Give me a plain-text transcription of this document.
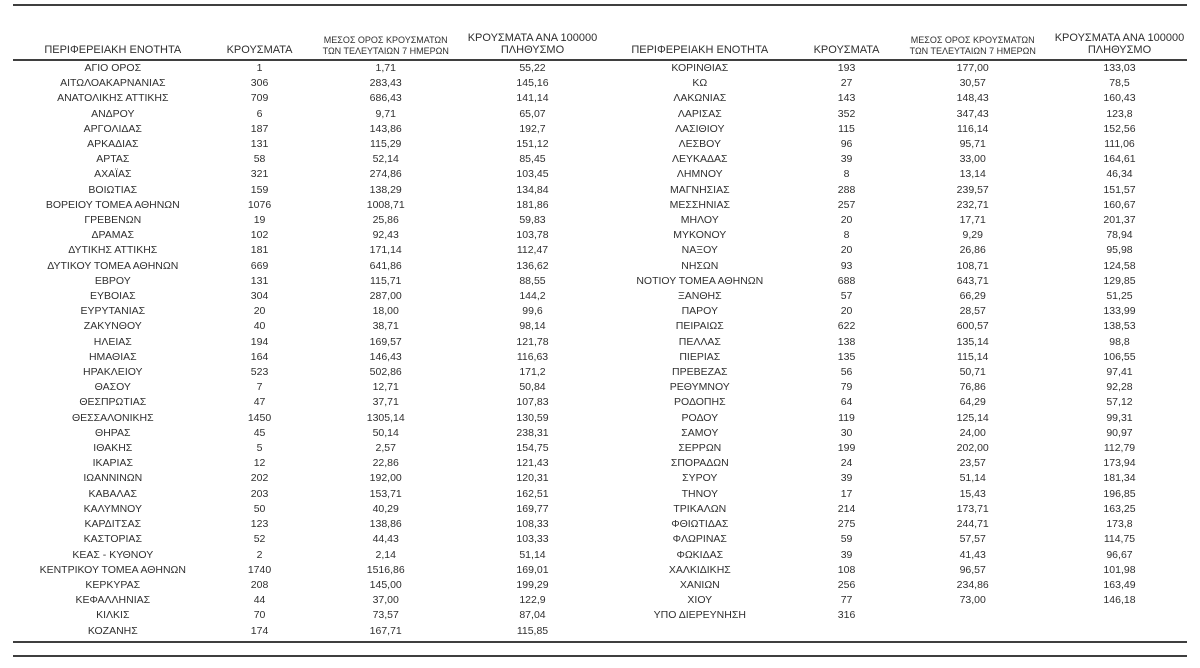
ΠΕΡΙΦΕΡΕΙΑΚΗ ΕΝΟΤΗΤΑ	ΚΡΟΥΣΜΑΤΑ	ΜΕΣΟΣ ΟΡΟΣ ΚΡΟΥΣΜΑΤΩΝ
ΤΩΝ ΤΕΛΕΥΤΑΙΩΝ 7 ΗΜΕΡΩΝ	ΚΡΟΥΣΜΑΤΑ ΑΝΑ 100000
ΠΛΗΘΥΣΜΟ

ΑΓΙΟ ΟΡΟΣ	1	1,71	55,22
ΑΙΤΩΛΟΑΚΑΡΝΑΝΙΑΣ	306	283,43	145,16
ΑΝΑΤΟΛΙΚΗΣ ΑΤΤΙΚΗΣ	709	686,43	141,14
ΑΝΔΡΟΥ	6	9,71	65,07
ΑΡΓΟΛΙΔΑΣ	187	143,86	192,7
ΑΡΚΑΔΙΑΣ	131	115,29	151,12
ΑΡΤΑΣ	58	52,14	85,45
ΑΧΑΪΑΣ	321	274,86	103,45
ΒΟΙΩΤΙΑΣ	159	138,29	134,84
ΒΟΡΕΙΟΥ ΤΟΜΕΑ ΑΘΗΝΩΝ	1076	1008,71	181,86
ΓΡΕΒΕΝΩΝ	19	25,86	59,83
ΔΡΑΜΑΣ	102	92,43	103,78
ΔΥΤΙΚΗΣ ΑΤΤΙΚΗΣ	181	171,14	112,47
ΔΥΤΙΚΟΥ ΤΟΜΕΑ ΑΘΗΝΩΝ	669	641,86	136,62
ΕΒΡΟΥ	131	115,71	88,55
ΕΥΒΟΙΑΣ	304	287,00	144,2
ΕΥΡΥΤΑΝΙΑΣ	20	18,00	99,6
ΖΑΚΥΝΘΟΥ	40	38,71	98,14
ΗΛΕΙΑΣ	194	169,57	121,78
ΗΜΑΘΙΑΣ	164	146,43	116,63
ΗΡΑΚΛΕΙΟΥ	523	502,86	171,2
ΘΑΣΟΥ	7	12,71	50,84
ΘΕΣΠΡΩΤΙΑΣ	47	37,71	107,83
ΘΕΣΣΑΛΟΝΙΚΗΣ	1450	1305,14	130,59
ΘΗΡΑΣ	45	50,14	238,31
ΙΘΑΚΗΣ	5	2,57	154,75
ΙΚΑΡΙΑΣ	12	22,86	121,43
ΙΩΑΝΝΙΝΩΝ	202	192,00	120,31
ΚΑΒΑΛΑΣ	203	153,71	162,51
ΚΑΛΥΜΝΟΥ	50	40,29	169,77
ΚΑΡΔΙΤΣΑΣ	123	138,86	108,33
ΚΑΣΤΟΡΙΑΣ	52	44,43	103,33
ΚΕΑΣ - ΚΥΘΝΟΥ	2	2,14	51,14
ΚΕΝΤΡΙΚΟΥ ΤΟΜΕΑ ΑΘΗΝΩΝ	1740	1516,86	169,01
ΚΕΡΚΥΡΑΣ	208	145,00	199,29
ΚΕΦΑΛΛΗΝΙΑΣ	44	37,00	122,9
ΚΙΛΚΙΣ	70	73,57	87,04
ΚΟΖΑΝΗΣ	174	167,71	115,85
ΠΕΡΙΦΕΡΕΙΑΚΗ ΕΝΟΤΗΤΑ	ΚΡΟΥΣΜΑΤΑ	ΜΕΣΟΣ ΟΡΟΣ ΚΡΟΥΣΜΑΤΩΝ
ΤΩΝ ΤΕΛΕΥΤΑΙΩΝ 7 ΗΜΕΡΩΝ	ΚΡΟΥΣΜΑΤΑ ΑΝΑ 100000
ΠΛΗΘΥΣΜΟ

ΚΟΡΙΝΘΙΑΣ	193	177,00	133,03
ΚΩ	27	30,57	78,5
ΛΑΚΩΝΙΑΣ	143	148,43	160,43
ΛΑΡΙΣΑΣ	352	347,43	123,8
ΛΑΣΙΘΙΟΥ	115	116,14	152,56
ΛΕΣΒΟΥ	96	95,71	111,06
ΛΕΥΚΑΔΑΣ	39	33,00	164,61
ΛΗΜΝΟΥ	8	13,14	46,34
ΜΑΓΝΗΣΙΑΣ	288	239,57	151,57
ΜΕΣΣΗΝΙΑΣ	257	232,71	160,67
ΜΗΛΟΥ	20	17,71	201,37
ΜΥΚΟΝΟΥ	8	9,29	78,94
ΝΑΞΟΥ	20	26,86	95,98
ΝΗΣΩΝ	93	108,71	124,58
ΝΟΤΙΟΥ ΤΟΜΕΑ ΑΘΗΝΩΝ	688	643,71	129,85
ΞΑΝΘΗΣ	57	66,29	51,25
ΠΑΡΟΥ	20	28,57	133,99
ΠΕΙΡΑΙΩΣ	622	600,57	138,53
ΠΕΛΛΑΣ	138	135,14	98,8
ΠΙΕΡΙΑΣ	135	115,14	106,55
ΠΡΕΒΕΖΑΣ	56	50,71	97,41
ΡΕΘΥΜΝΟΥ	79	76,86	92,28
ΡΟΔΟΠΗΣ	64	64,29	57,12
ΡΟΔΟΥ	119	125,14	99,31
ΣΑΜΟΥ	30	24,00	90,97
ΣΕΡΡΩΝ	199	202,00	112,79
ΣΠΟΡΑΔΩΝ	24	23,57	173,94
ΣΥΡΟΥ	39	51,14	181,34
ΤΗΝΟΥ	17	15,43	196,85
ΤΡΙΚΑΛΩΝ	214	173,71	163,25
ΦΘΙΩΤΙΔΑΣ	275	244,71	173,8
ΦΛΩΡΙΝΑΣ	59	57,57	114,75
ΦΩΚΙΔΑΣ	39	41,43	96,67
ΧΑΛΚΙΔΙΚΗΣ	108	96,57	101,98
ΧΑΝΙΩΝ	256	234,86	163,49
ΧΙΟΥ	77	73,00	146,18
ΥΠΟ ΔΙΕΡΕΥΝΗΣΗ	316		
